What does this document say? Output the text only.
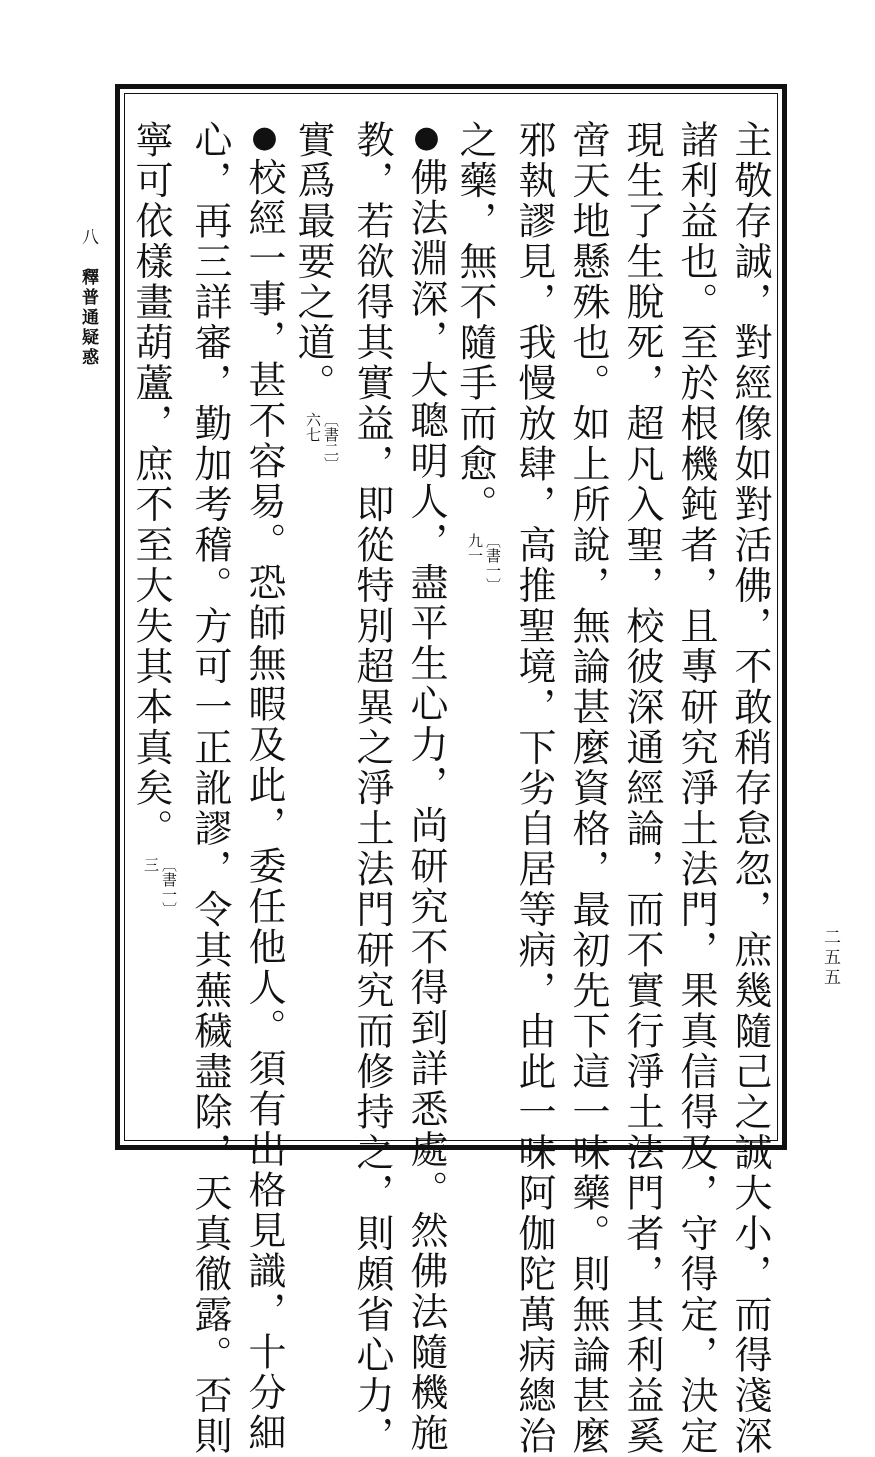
八
釋普通疑惑
二五五
主敬存誠，對經像如對活佛，不敢稍存怠忽，庶幾隨己之誠大小，而得淺深
諸利益也。至於根機鈍者，且專研究淨土法門，果真信得及，守得定，決定
現生了生脫死，超凡入聖，校彼深通經論，而不實行淨土法門者，其利益奚
啻天地懸殊也。如上所說，無論甚麼資格，最初先下這一味藥。則無論甚麼
邪執謬見，我慢放肆，高推聖境，下劣自居等病，由此一味阿伽陀萬病總治
之藥，無不隨手而愈。
〔書一〕
九一
●佛法淵深，大聰明人，盡平生心力，尚研究不得到詳悉處。然佛法隨機施
教，若欲得其實益，即從特別超異之淨土法門研究而修持之，則頗省心力，
實爲最要之道。
〔書二〕
六七
●校經一事，甚不容易。恐師無暇及此，委任他人。須有出格見識，十分細
心，再三詳審，勤加考稽。方可一正訛謬，令其蕪穢盡除，天真徹露。否則
寧可依樣畫葫蘆，庶不至大失其本真矣。
〔書一〕
三
